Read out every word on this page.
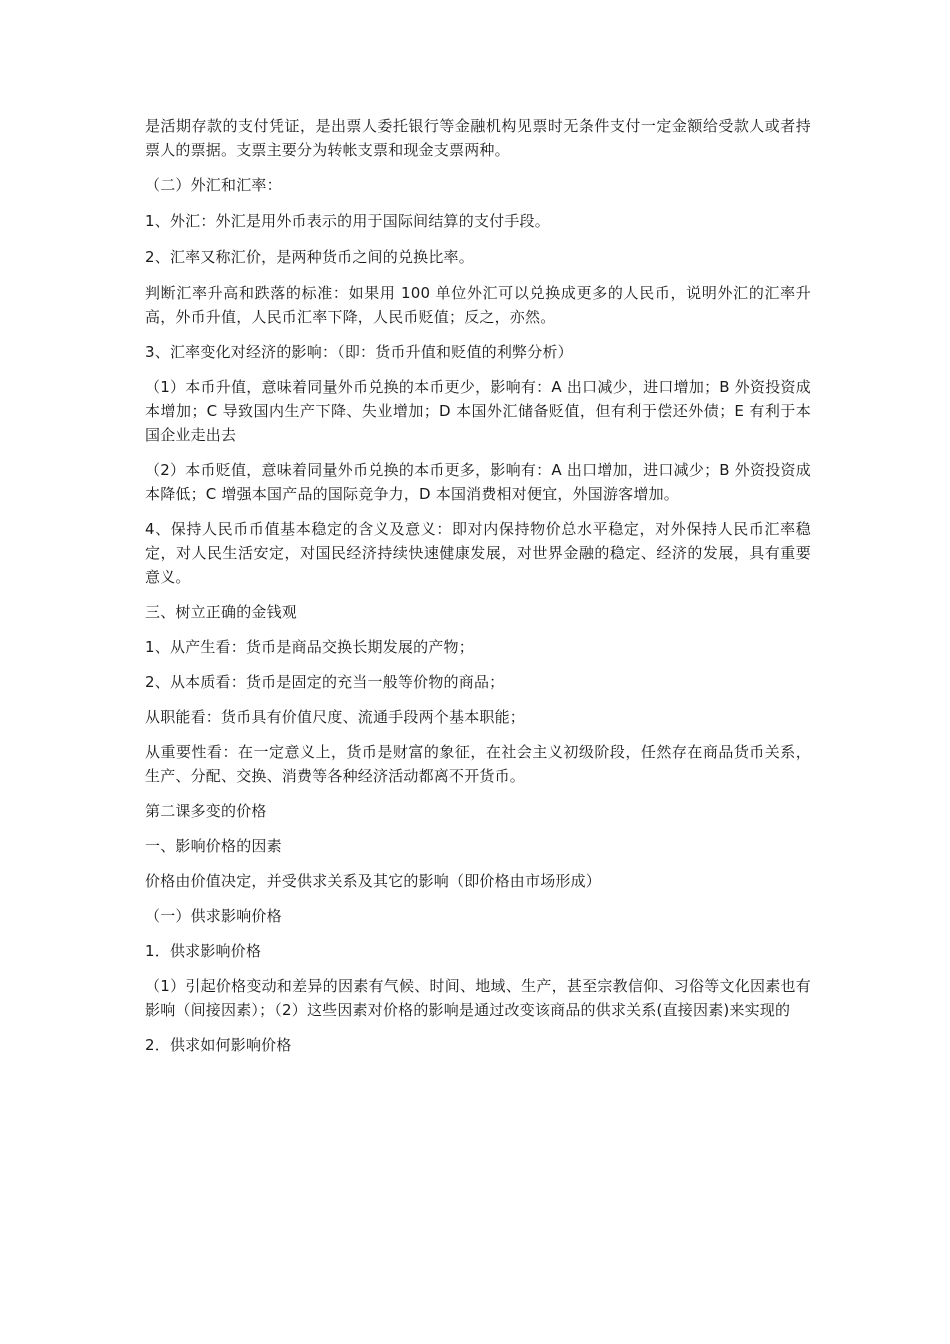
是活期存款的支付凭证，是出票人委托银行等金融机构见票时无条件支付一定金额给受款人或者持票人的票据。支票主要分为转帐支票和现金支票两种。

（二）外汇和汇率：

1、外汇：外汇是用外币表示的用于国际间结算的支付手段。

2、汇率又称汇价，是两种货币之间的兑换比率。

判断汇率升高和跌落的标准：如果用 100 单位外汇可以兑换成更多的人民币，说明外汇的汇率升高，外币升值，人民币汇率下降，人民币贬值；反之，亦然。

3、汇率变化对经济的影响：（即：货币升值和贬值的利弊分析）

（1）本币升值，意味着同量外币兑换的本币更少，影响有：A 出口减少，进口增加；B 外资投资成本增加；C 导致国内生产下降、失业增加；D 本国外汇储备贬值，但有利于偿还外债；E 有利于本国企业走出去

（2）本币贬值，意味着同量外币兑换的本币更多，影响有：A 出口增加，进口减少；B 外资投资成本降低；C 增强本国产品的国际竞争力，D 本国消费相对便宜，外国游客增加。

4、保持人民币币值基本稳定的含义及意义：即对内保持物价总水平稳定，对外保持人民币汇率稳定，对人民生活安定，对国民经济持续快速健康发展，对世界金融的稳定、经济的发展，具有重要意义。

三、树立正确的金钱观

1、从产生看：货币是商品交换长期发展的产物；

2、从本质看：货币是固定的充当一般等价物的商品；

从职能看：货币具有价值尺度、流通手段两个基本职能；

从重要性看：在一定意义上，货币是财富的象征，在社会主义初级阶段，任然存在商品货币关系，生产、分配、交换、消费等各种经济活动都离不开货币。

第二课多变的价格

一、影响价格的因素

价格由价值决定，并受供求关系及其它的影响（即价格由市场形成）

（一）供求影响价格

1．供求影响价格

（1）引起价格变动和差异的因素有气候、时间、地域、生产，甚至宗教信仰、习俗等文化因素也有影响（间接因素）；（2）这些因素对价格的影响是通过改变该商品的供求关系(直接因素)来实现的

2．供求如何影响价格
